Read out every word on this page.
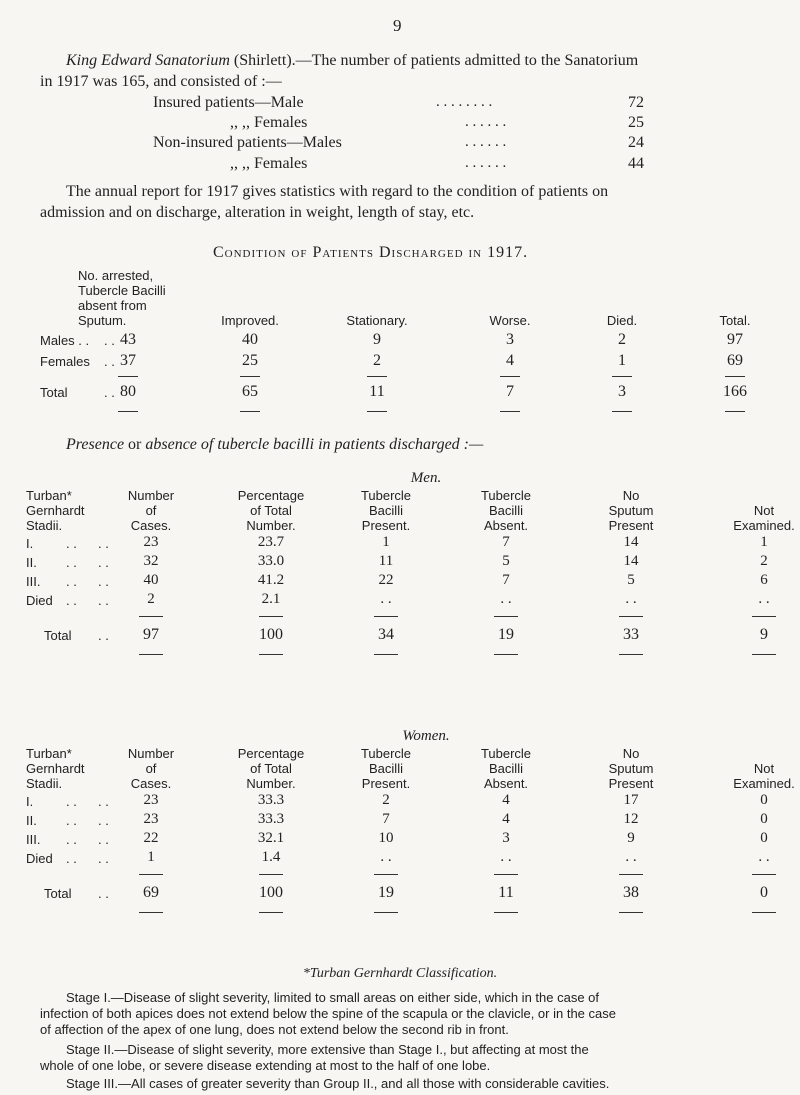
9
King Edward Sanatorium (Shirlett).—The number of patients admitted to the Sanatorium
in 1917 was 165, and consisted of :—
Insured patients—Male	. . . . . . . .	72
,, ,, Females	. . . . . .	25
Non-insured patients—Males	. . . . . .	24
,, ,, Females	. . . . . .	44
The annual report for 1917 gives statistics with regard to the condition of patients on
admission and on discharge, alteration in weight, length of stay, etc.
Condition of Patients Discharged in 1917.
No. arrested,
Tubercle Bacilli
absent from
Sputum.	Improved.	Stationary.	Worse.	Died.	Total.
Males . .	43	40	9	3	2	97
Females	37	25	2	4	1	69
Total	. . 80	65	11	7	3	166
. .
. .
Presence or absence of tubercle bacilli in patients discharged :—
Men.
Turban*
Gernhardt
Stadii.
Number
of
Cases.
Percentage
of Total
Number.
Tubercle
Bacilli
Present.
Tubercle
Bacilli
Absent.
No
Sputum
Present
Not
Examined.
I.	. . . .	23	23.7	1	7	14	1
II. . . . .	32	33.0	11	5	14	2
III. . . . .	40	41.2	22	7	5	6
Died . . . .	2	2.1	. .	. .	. .	. .
Total . .	97	100	34	19	33	9
Women.
Turban*
Gernhardt
Stadii.
Number
of
Cases.
Percentage
of Total
Number.
Tubercle
Bacilli
Present.
Tubercle
Bacilli
Absent.
No
Sputum
Present
Not
Examined.
I.	. . . .	23	33.3	2	4	17	0
II. . . . .	23	33.3	7	4	12	0
III. . . . .	22	32.1	10	3	9	0
Died . . . .	1	1.4	. .	. .	. .	. .
Total . .	69	100	19	11	38	0
*Turban Gernhardt Classification.
Stage I.—Disease of slight severity, limited to small areas on either side, which in the case of
infection of both apices does not extend below the spine of the scapula or the clavicle, or in the case
of affection of the apex of one lung, does not extend below the second rib in front.
Stage II.—Disease of slight severity, more extensive than Stage I., but affecting at most the
whole of one lobe, or severe disease extending at most to the half of one lobe.
Stage III.—All cases of greater severity than Group II., and all those with considerable cavities.
